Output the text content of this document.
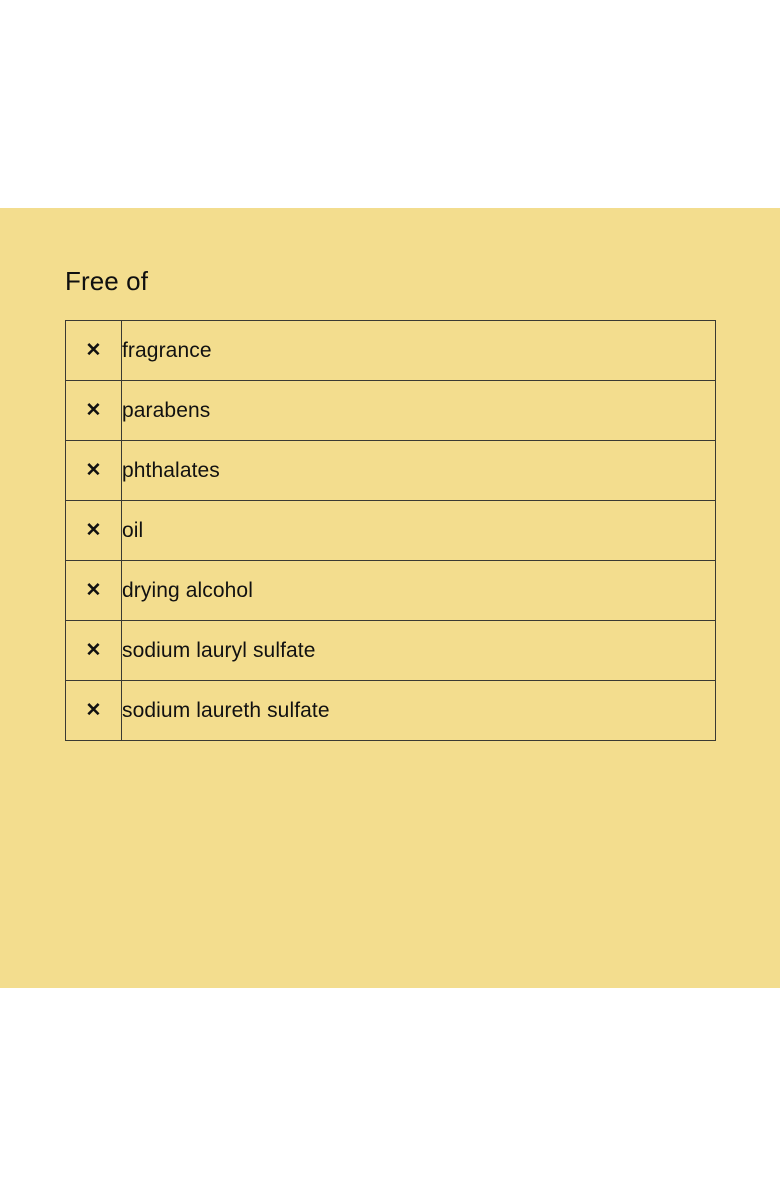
Free of
✕	fragrance
✕	parabens
✕	phthalates
✕	oil
✕	drying alcohol
✕	sodium lauryl sulfate
✕	sodium laureth sulfate
